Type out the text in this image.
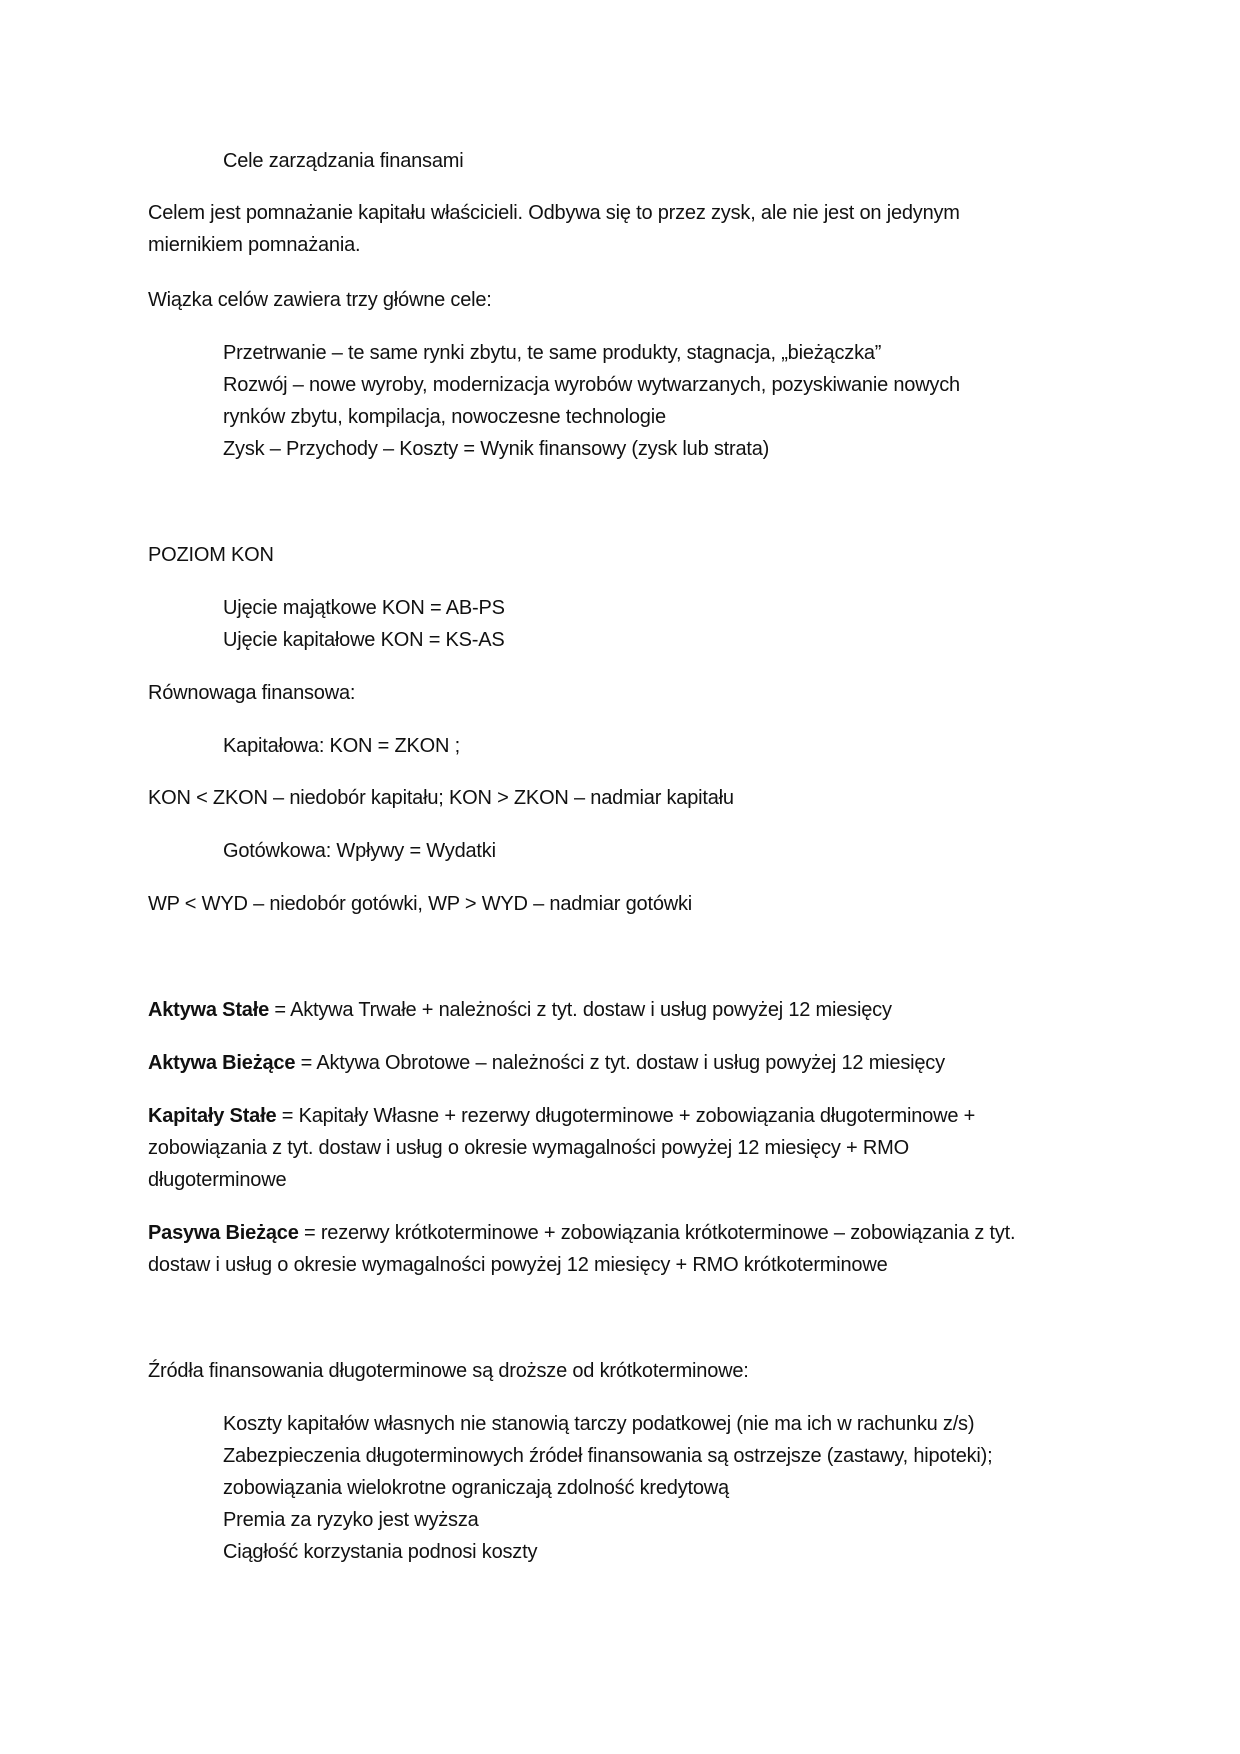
Cele zarządzania finansami
Celem jest pomnażanie kapitału właścicieli. Odbywa się to przez zysk, ale nie jest on jedynym
miernikiem pomnażania.
Wiązka celów zawiera trzy główne cele:
Przetrwanie – te same rynki zbytu, te same produkty, stagnacja, „bieżączka”
Rozwój – nowe wyroby, modernizacja wyrobów wytwarzanych, pozyskiwanie nowych
rynków zbytu, kompilacja, nowoczesne technologie
Zysk – Przychody – Koszty = Wynik finansowy (zysk lub strata)
POZIOM KON
Ujęcie majątkowe KON = AB-PS
Ujęcie kapitałowe KON = KS-AS
Równowaga finansowa:
Kapitałowa: KON = ZKON ;
KON < ZKON – niedobór kapitału; KON > ZKON – nadmiar kapitału
Gotówkowa: Wpływy = Wydatki
WP < WYD – niedobór gotówki, WP > WYD – nadmiar gotówki
Aktywa Stałe = Aktywa Trwałe + należności z tyt. dostaw i usług powyżej 12 miesięcy
Aktywa Bieżące = Aktywa Obrotowe – należności z tyt. dostaw i usług powyżej 12 miesięcy
Kapitały Stałe = Kapitały Własne + rezerwy długoterminowe + zobowiązania długoterminowe +
zobowiązania z tyt. dostaw i usług o okresie wymagalności powyżej 12 miesięcy + RMO
długoterminowe
Pasywa Bieżące = rezerwy krótkoterminowe + zobowiązania krótkoterminowe – zobowiązania z tyt.
dostaw i usług o okresie wymagalności powyżej 12 miesięcy + RMO krótkoterminowe
Źródła finansowania długoterminowe są droższe od krótkoterminowe:
Koszty kapitałów własnych nie stanowią tarczy podatkowej (nie ma ich w rachunku z/s)
Zabezpieczenia długoterminowych źródeł finansowania są ostrzejsze (zastawy, hipoteki);
zobowiązania wielokrotne ograniczają zdolność kredytową
Premia za ryzyko jest wyższa
Ciągłość korzystania podnosi koszty
